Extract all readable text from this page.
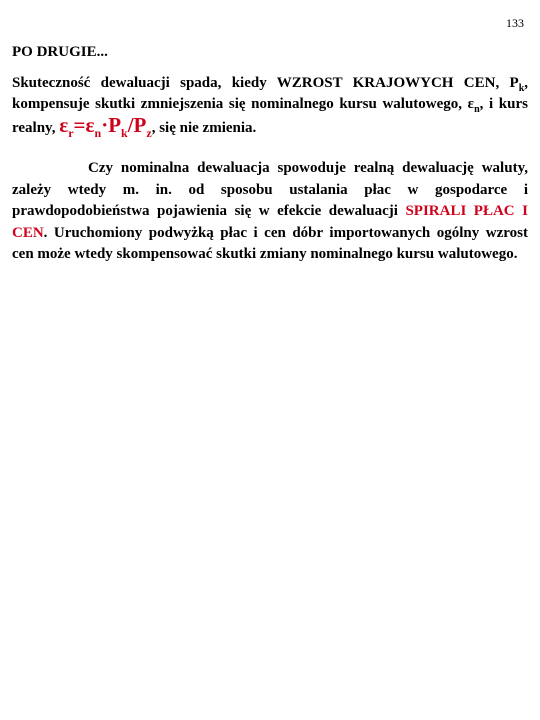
133
PO DRUGIE...
Skuteczność dewaluacji spada, kiedy WZROST KRAJOWYCH CEN, $P_k$, kompensuje skutki zmniejszenia się nominalnego kursu walutowego, $\varepsilon_n$, i kurs realny, $\varepsilon_r=\varepsilon_n\cdot P_k/P_z$, się nie zmienia.
Czy nominalna dewaluacja spowoduje realną dewaluację waluty, zależy wtedy m. in. od sposobu ustalania płac w gospodarce i prawdopodobieństwa pojawienia się w efekcie dewaluacji SPIRALI PŁAC I CEN. Uruchomiony podwyżką płac i cen dóbr importowanych ogólny wzrost cen może wtedy skompensować skutki zmiany nominalnego kursu walutowego.
